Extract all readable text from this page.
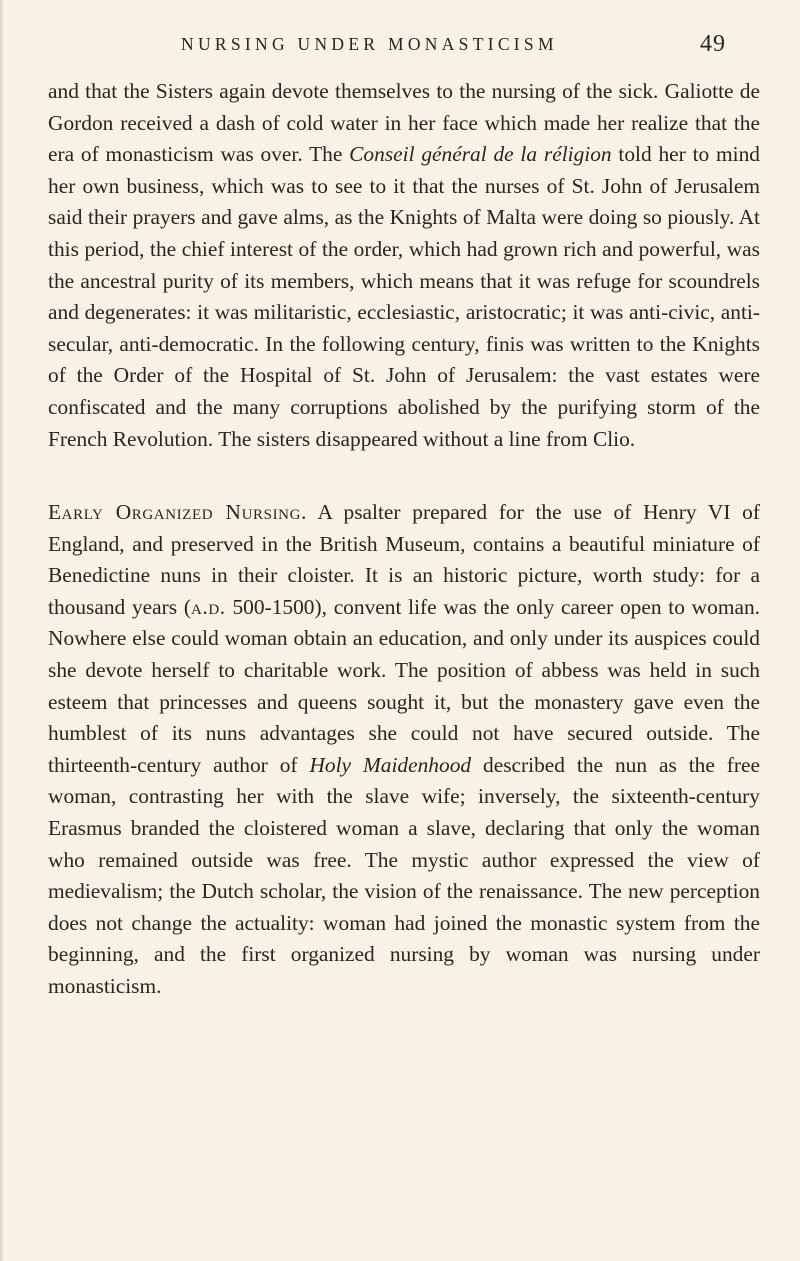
NURSING UNDER MONASTICISM	49

and that the Sisters again devote themselves to the nursing of the sick. Galiotte de Gordon received a dash of cold water in her face which made her realize that the era of monasticism was over. The Conseil général de la réligion told her to mind her own business, which was to see to it that the nurses of St. John of Jerusalem said their prayers and gave alms, as the Knights of Malta were doing so piously. At this period, the chief interest of the order, which had grown rich and powerful, was the ancestral purity of its members, which means that it was refuge for scoundrels and degenerates: it was militaristic, ecclesiastic, aristocratic; it was anti-civic, anti-secular, anti-democratic. In the following century, finis was written to the Knights of the Order of the Hospital of St. John of Jerusalem: the vast estates were confiscated and the many corruptions abolished by the purifying storm of the French Revolution. The sisters disappeared without a line from Clio.

Early Organized Nursing. A psalter prepared for the use of Henry VI of England, and preserved in the British Museum, contains a beautiful miniature of Benedictine nuns in their cloister. It is an historic picture, worth study: for a thousand years (a.d. 500-1500), convent life was the only career open to woman. Nowhere else could woman obtain an education, and only under its auspices could she devote herself to charitable work. The position of abbess was held in such esteem that princesses and queens sought it, but the monastery gave even the humblest of its nuns advantages she could not have secured outside. The thirteenth-century author of Holy Maidenhood described the nun as the free woman, contrasting her with the slave wife; inversely, the sixteenth-century Erasmus branded the cloistered woman a slave, declaring that only the woman who remained outside was free. The mystic author expressed the view of medievalism; the Dutch scholar, the vision of the renaissance. The new perception does not change the actuality: woman had joined the monastic system from the beginning, and the first organized nursing by woman was nursing under monasticism.
